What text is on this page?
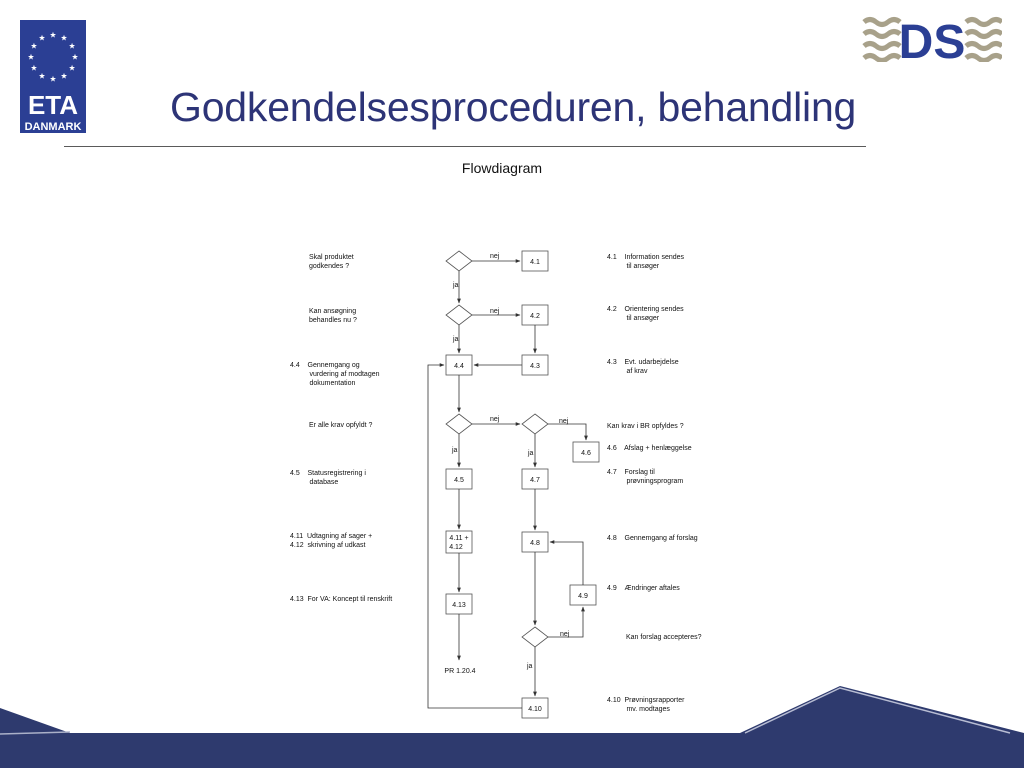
ETA
DANMARK
DS
Godkendelsesproceduren, behandling
Flowdiagram
4.1
4.2
4.4	4.3
4.6
4.5	4.7
4.11 +
4.12
4.8
4.9
4.13
4.10
PR 1.20.4
nej
ja
nej
ja
nej	nej
ja	ja
nej
ja
Skal produktet
godkendes ?
Kan ansøgning
behandles nu ?
4.4    Gennemgang og
vurdering af modtagen
dokumentation
Er alle krav opfyldt ?
4.5    Statusregistrering i
database
4.11  Udtagning af sager +
4.12  skrivning af udkast
4.13  For VA: Koncept til renskrift
4.1    Information sendes
til ansøger
4.2    Orientering sendes
til ansøger
4.3    Evt. udarbejdelse
af krav
Kan krav i BR opfyldes ?
4.6    Afslag + henlæggelse
4.7    Forslag til
prøvningsprogram
4.8    Gennemgang af forslag
4.9    Ændringer aftales
Kan forslag accepteres?
4.10  Prøvningsrapporter
mv. modtages
